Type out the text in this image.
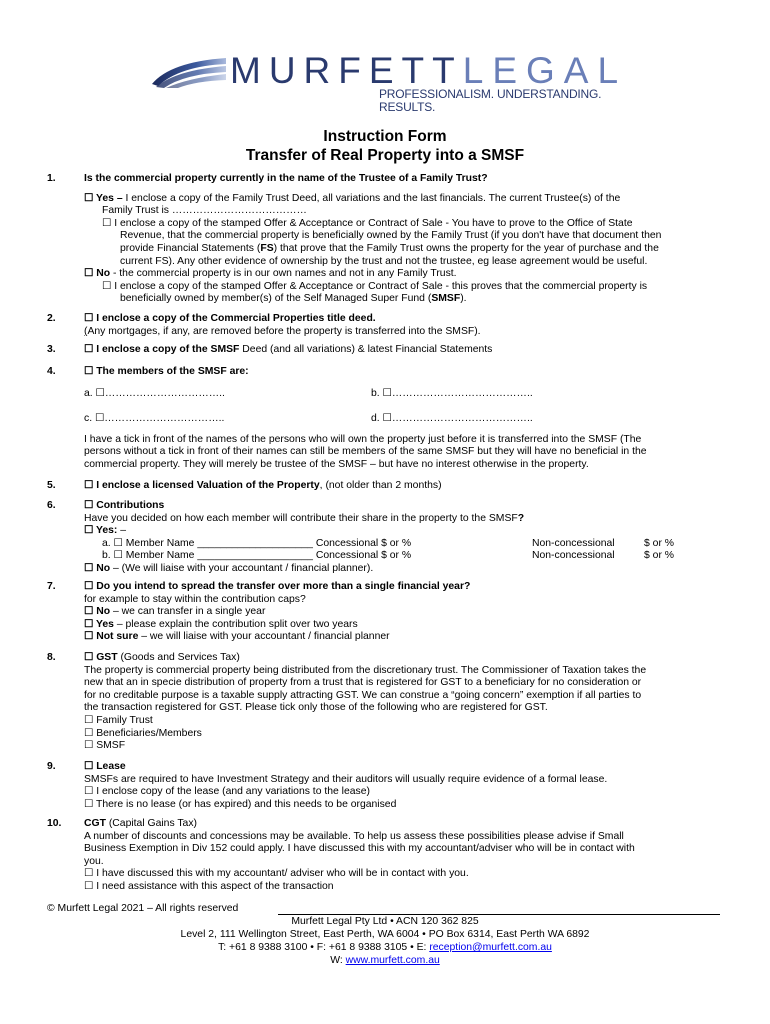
MURFETTLEGAL
PROFESSIONALISM. UNDERSTANDING. RESULTS.
Instruction Form
Transfer of Real Property into a SMSF
1.	Is the commercial property currently in the name of the Trustee of a Family Trust?
☐ Yes – I enclose a copy of the Family Trust Deed, all variations and the last financials. The current Trustee(s) of the
Family Trust is …………………………………
☐ I enclose a copy of the stamped Offer & Acceptance or Contract of Sale - You have to prove to the Office of State
Revenue, that the commercial property is beneficially owned by the Family Trust (if you don't have that document then
provide Financial Statements (FS) that prove that the Family Trust owns the property for the year of purchase and the
current FS). Any other evidence of ownership by the trust and not the trustee, eg lease agreement would be useful.
☐ No - the commercial property is in our own names and not in any Family Trust.
☐ I enclose a copy of the stamped Offer & Acceptance or Contract of Sale - this proves that the commercial property is
beneficially owned by member(s) of the Self Managed Super Fund (SMSF).
2.	☐ I enclose a copy of the Commercial Properties title deed.
(Any mortgages, if any, are removed before the property is transferred into the SMSF).
3.	☐ I enclose a copy of the SMSF Deed (and all variations) & latest Financial Statements
4.	☐ The members of the SMSF are:
a. ☐……………………………..	b. ☐…………………………………..
c. ☐……………………………..	d. ☐…………………………………..
I have a tick in front of the names of the persons who will own the property just before it is transferred into the SMSF (The
persons without a tick in front of their names can still be members of the same SMSF but they will have no beneficial in the
commercial property. They will merely be trustee of the SMSF – but have no interest otherwise in the property.
5.	☐ I enclose a licensed Valuation of the Property, (not older than 2 months)
6.	☐ Contributions
Have you decided on how each member will contribute their share in the property to the SMSF?
☐ Yes: –
a. ☐ Member Name ____________________ Concessional $ or %	Non-concessional	$ or %
b. ☐ Member Name ____________________ Concessional $ or %	Non-concessional	$ or %
☐ No – (We will liaise with your accountant / financial planner).
7.	☐ Do you intend to spread the transfer over more than a single financial year?
for example to stay within the contribution caps?
☐ No – we can transfer in a single year
☐ Yes – please explain the contribution split over two years
☐ Not sure – we will liaise with your accountant / financial planner
8.	☐ GST (Goods and Services Tax)
The property is commercial property being distributed from the discretionary trust. The Commissioner of Taxation takes the
new that an in specie distribution of property from a trust that is registered for GST to a beneficiary for no consideration or
for no creditable purpose is a taxable supply attracting GST. We can construe a “going concern” exemption if all parties to
the transaction registered for GST. Please tick only those of the following who are registered for GST.
☐ Family Trust
☐ Beneficiaries/Members
☐ SMSF
9.	☐ Lease
SMSFs are required to have Investment Strategy and their auditors will usually require evidence of a formal lease.
☐ I enclose copy of the lease (and any variations to the lease)
☐ There is no lease (or has expired) and this needs to be organised
10. CGT (Capital Gains Tax)
A number of discounts and concessions may be available. To help us assess these possibilities please advise if Small
Business Exemption in Div 152 could apply. I have discussed this with my accountant/adviser who will be in contact with
you.
☐ I have discussed this with my accountant/ adviser who will be in contact with you.
☐ I need assistance with this aspect of the transaction
© Murfett Legal 2021 – All rights reserved
Murfett Legal Pty Ltd • ACN 120 362 825
Level 2, 111 Wellington Street, East Perth, WA 6004 • PO Box 6314, East Perth WA 6892
T: +61 8 9388 3100 • F: +61 8 9388 3105 • E: reception@murfett.com.au
W: www.murfett.com.au
